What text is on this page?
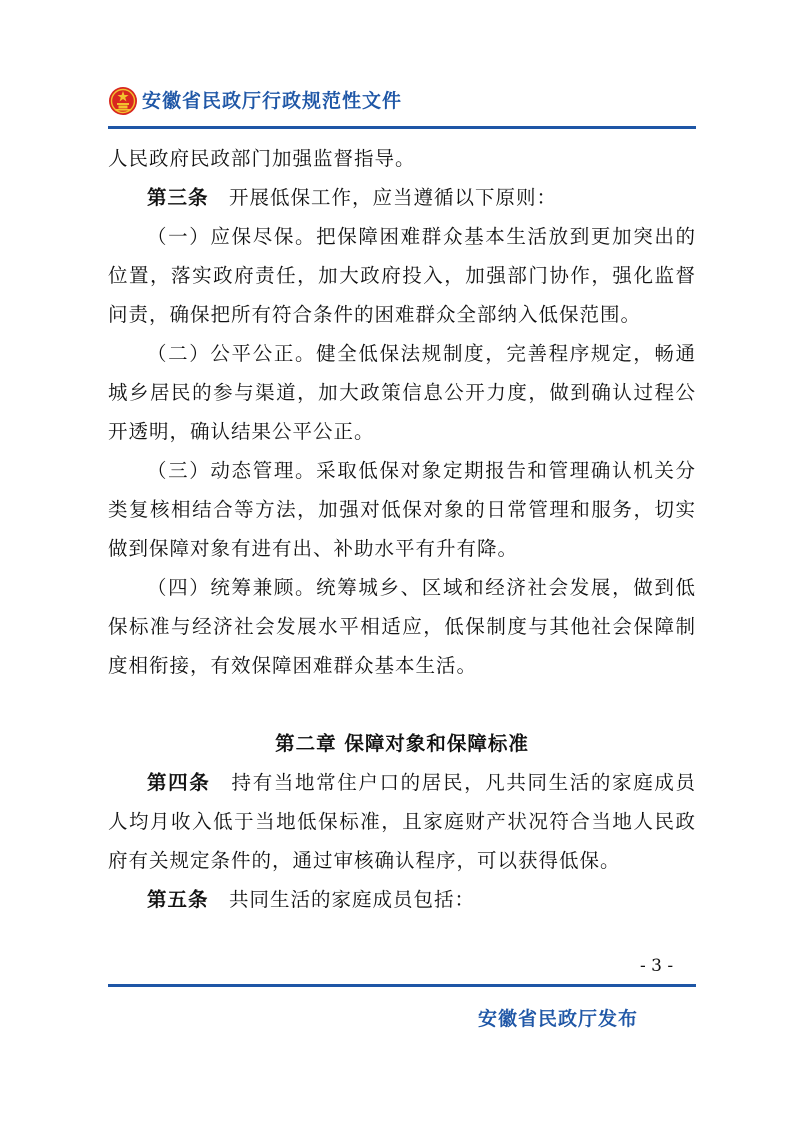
安徽省民政厅行政规范性文件

人民政府民政部门加强监督指导。

第三条　开展低保工作，应当遵循以下原则：

（一）应保尽保。把保障困难群众基本生活放到更加突出的位置，落实政府责任，加大政府投入，加强部门协作，强化监督问责，确保把所有符合条件的困难群众全部纳入低保范围。

（二）公平公正。健全低保法规制度，完善程序规定，畅通城乡居民的参与渠道，加大政策信息公开力度，做到确认过程公开透明，确认结果公平公正。

（三）动态管理。采取低保对象定期报告和管理确认机关分类复核相结合等方法，加强对低保对象的日常管理和服务，切实做到保障对象有进有出、补助水平有升有降。

（四）统筹兼顾。统筹城乡、区域和经济社会发展，做到低保标准与经济社会发展水平相适应，低保制度与其他社会保障制度相衔接，有效保障困难群众基本生活。

第二章 保障对象和保障标准

第四条　持有当地常住户口的居民，凡共同生活的家庭成员人均月收入低于当地低保标准，且家庭财产状况符合当地人民政府有关规定条件的，通过审核确认程序，可以获得低保。

第五条　共同生活的家庭成员包括：

- 3 -
安徽省民政厅发布
